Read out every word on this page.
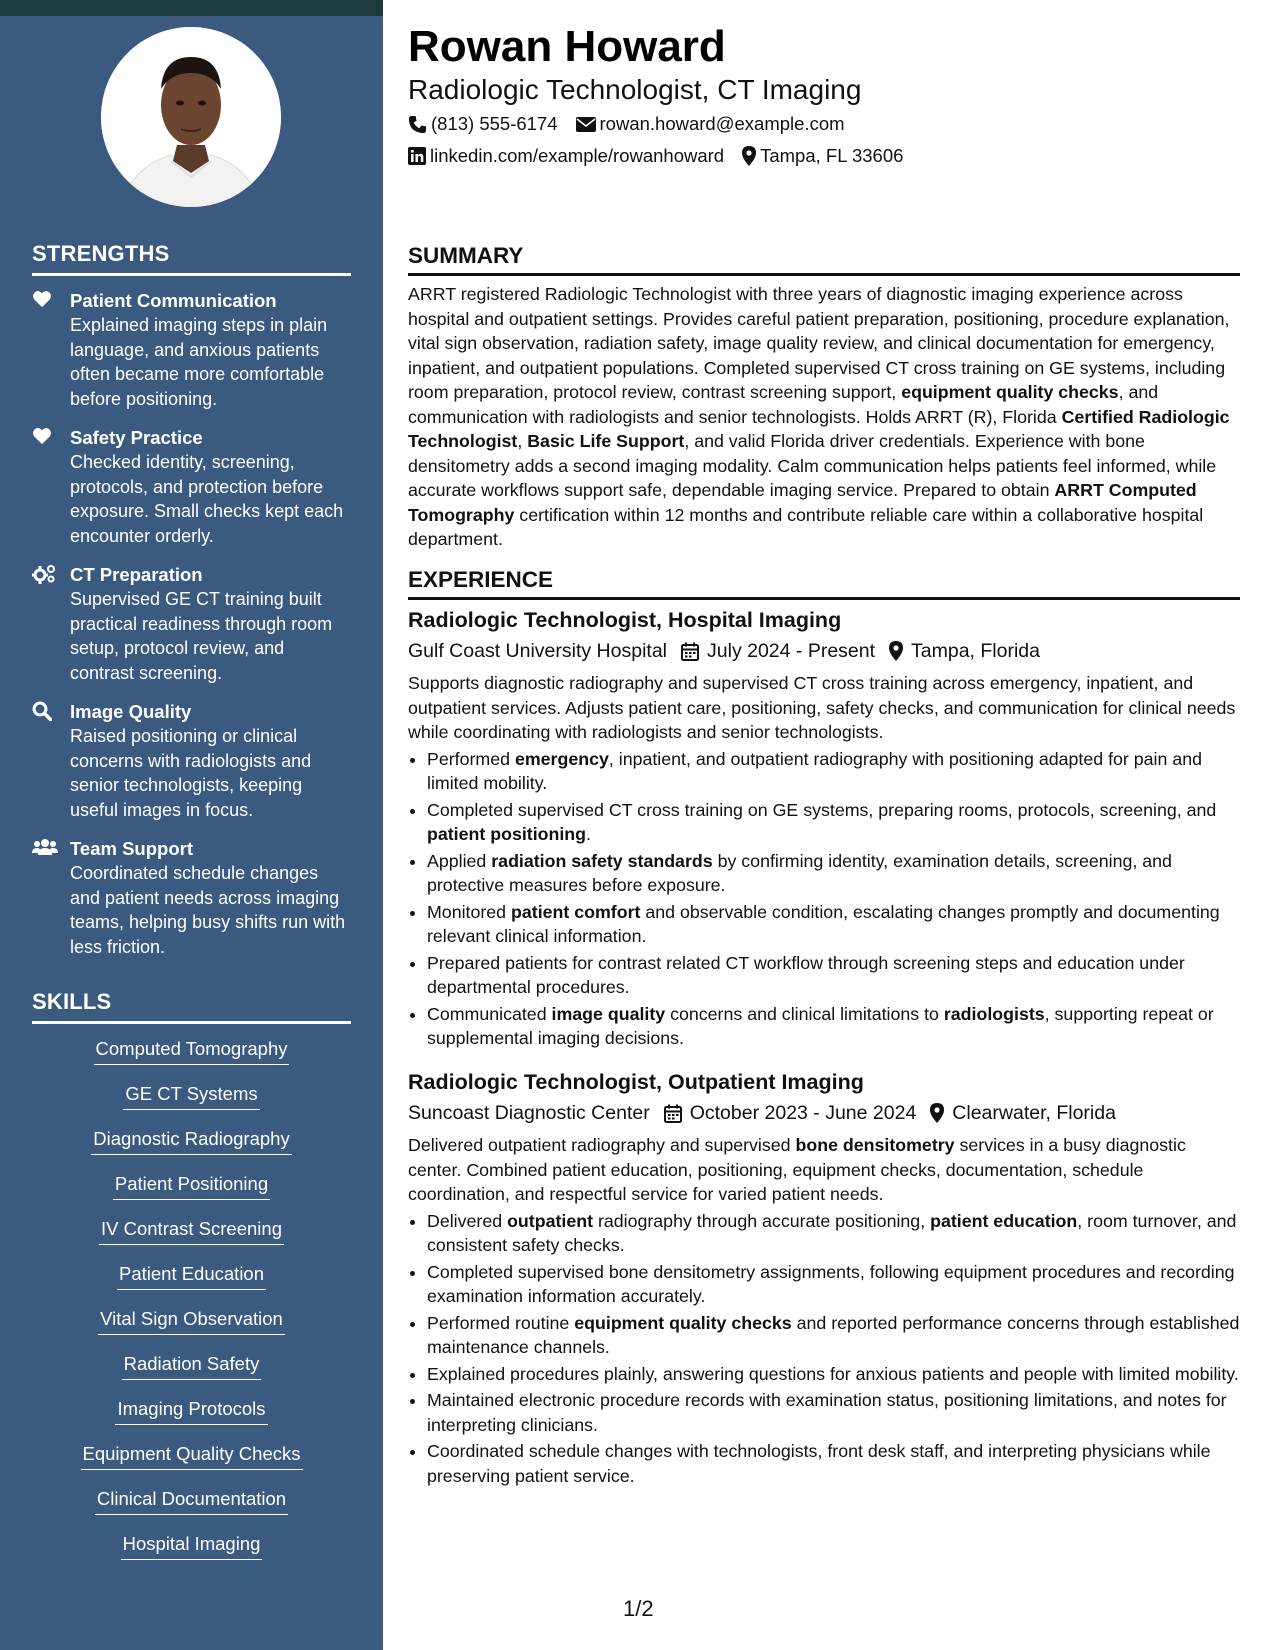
STRENGTHS
Patient Communication
Explained imaging steps in plain language, and anxious patients often became more comfortable before positioning.
Safety Practice
Checked identity, screening, protocols, and protection before exposure. Small checks kept each encounter orderly.
CT Preparation
Supervised GE CT training built practical readiness through room setup, protocol review, and contrast screening.
Image Quality
Raised positioning or clinical concerns with radiologists and senior technologists, keeping useful images in focus.
Team Support
Coordinated schedule changes and patient needs across imaging teams, helping busy shifts run with less friction.
SKILLS
Computed Tomography
GE CT Systems
Diagnostic Radiography
Patient Positioning
IV Contrast Screening
Patient Education
Vital Sign Observation
Radiation Safety
Imaging Protocols
Equipment Quality Checks
Clinical Documentation
Hospital Imaging
Rowan Howard
Radiologic Technologist, CT Imaging
(813) 555-6174 rowan.howard@example.com
linkedin.com/example/rowanhoward Tampa, FL 33606
SUMMARY
ARRT registered Radiologic Technologist with three years of diagnostic imaging experience across hospital and outpatient settings. Provides careful patient preparation, positioning, procedure explanation, vital sign observation, radiation safety, image quality review, and clinical documentation for emergency, inpatient, and outpatient populations. Completed supervised CT cross training on GE systems, including room preparation, protocol review, contrast screening support, equipment quality checks, and communication with radiologists and senior technologists. Holds ARRT (R), Florida Certified Radiologic Technologist, Basic Life Support, and valid Florida driver credentials. Experience with bone densitometry adds a second imaging modality. Calm communication helps patients feel informed, while accurate workflows support safe, dependable imaging service. Prepared to obtain ARRT Computed Tomography certification within 12 months and contribute reliable care within a collaborative hospital department.
EXPERIENCE
Radiologic Technologist, Hospital Imaging
Gulf Coast University Hospital July 2024 - Present Tampa, Florida
Supports diagnostic radiography and supervised CT cross training across emergency, inpatient, and outpatient services. Adjusts patient care, positioning, safety checks, and communication for clinical needs while coordinating with radiologists and senior technologists.
• Performed emergency, inpatient, and outpatient radiography with positioning adapted for pain and limited mobility.
• Completed supervised CT cross training on GE systems, preparing rooms, protocols, screening, and patient positioning.
• Applied radiation safety standards by confirming identity, examination details, screening, and protective measures before exposure.
• Monitored patient comfort and observable condition, escalating changes promptly and documenting relevant clinical information.
• Prepared patients for contrast related CT workflow through screening steps and education under departmental procedures.
• Communicated image quality concerns and clinical limitations to radiologists, supporting repeat or supplemental imaging decisions.
Radiologic Technologist, Outpatient Imaging
Suncoast Diagnostic Center October 2023 - June 2024 Clearwater, Florida
Delivered outpatient radiography and supervised bone densitometry services in a busy diagnostic center. Combined patient education, positioning, equipment checks, documentation, schedule coordination, and respectful service for varied patient needs.
• Delivered outpatient radiography through accurate positioning, patient education, room turnover, and consistent safety checks.
• Completed supervised bone densitometry assignments, following equipment procedures and recording examination information accurately.
• Performed routine equipment quality checks and reported performance concerns through established maintenance channels.
• Explained procedures plainly, answering questions for anxious patients and people with limited mobility.
• Maintained electronic procedure records with examination status, positioning limitations, and notes for interpreting clinicians.
• Coordinated schedule changes with technologists, front desk staff, and interpreting physicians while preserving patient service.
1/2
